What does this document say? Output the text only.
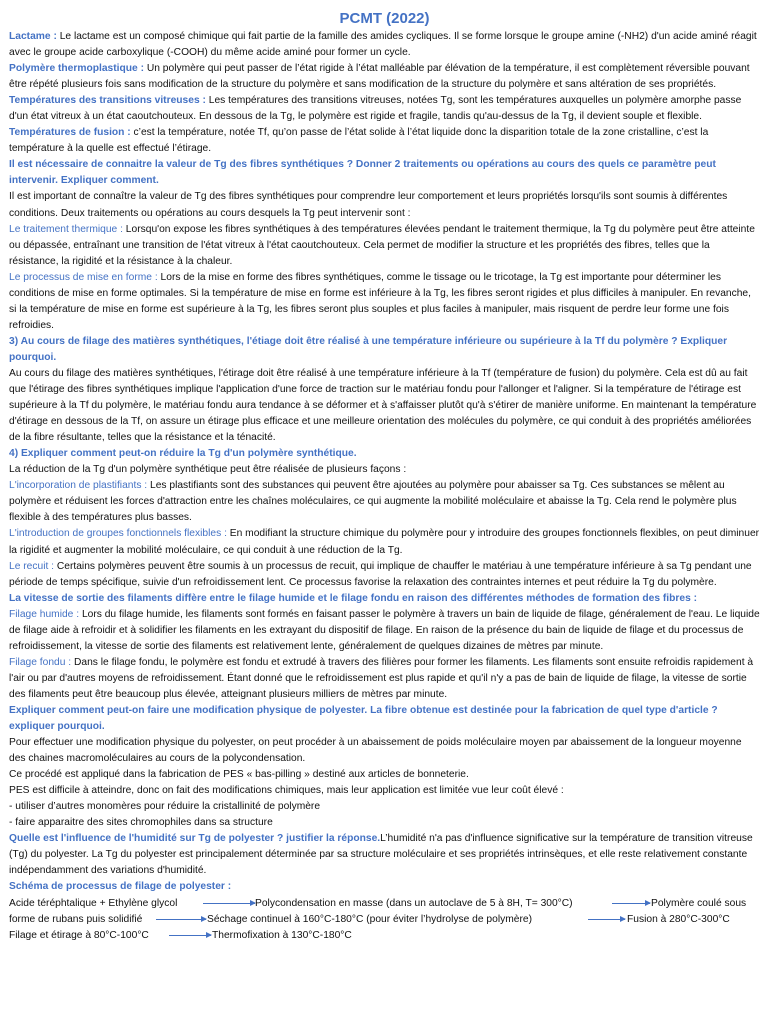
PCMT (2022)

Lactame : Le lactame est un composé chimique qui fait partie de la famille des amides cycliques. Il se forme lorsque le groupe amine (-NH2) d'un acide aminé réagit avec le groupe acide carboxylique (-COOH) du même acide aminé pour former un cycle.

Polymère thermoplastique : Un polymère qui peut passer de l’état rigide à l’état malléable par élévation de la température, il est complètement réversible pouvant être répété plusieurs fois sans modification de la structure du polymère et sans modification de la structure du polymère et sans altération de ses propriétés.

Températures des transitions vitreuses : Les températures des transitions vitreuses, notées Tg, sont les températures auxquelles un polymère amorphe passe d'un état vitreux à un état caoutchouteux. En dessous de la Tg, le polymère est rigide et fragile, tandis qu'au-dessus de la Tg, il devient souple et flexible.

Températures de fusion : c’est la température, notée Tf, qu’on passe de l’état solide à l’état liquide donc la disparition totale de la zone cristalline, c’est la température à la quelle est effectué l’étirage.

Il est nécessaire de connaitre la valeur de Tg des fibres synthétiques ? Donner 2 traitements ou opérations au cours des quels ce paramètre peut intervenir. Expliquer comment.

Il est important de connaître la valeur de Tg des fibres synthétiques pour comprendre leur comportement et leurs propriétés lorsqu'ils sont soumis à différentes conditions. Deux traitements ou opérations au cours desquels la Tg peut intervenir sont :

Le traitement thermique : Lorsqu'on expose les fibres synthétiques à des températures élevées pendant le traitement thermique, la Tg du polymère peut être atteinte ou dépassée, entraînant une transition de l'état vitreux à l'état caoutchouteux. Cela permet de modifier la structure et les propriétés des fibres, telles que la résistance, la rigidité et la résistance à la chaleur.

Le processus de mise en forme : Lors de la mise en forme des fibres synthétiques, comme le tissage ou le tricotage, la Tg est importante pour déterminer les conditions de mise en forme optimales. Si la température de mise en forme est inférieure à la Tg, les fibres seront rigides et plus difficiles à manipuler. En revanche, si la température de mise en forme est supérieure à la Tg, les fibres seront plus souples et plus faciles à manipuler, mais risquent de perdre leur forme une fois refroidies.

3) Au cours de filage des matières synthétiques, l'étiage doit être réalisé à une température inférieure ou supérieure à la Tf du polymère ? Expliquer pourquoi.

Au cours du filage des matières synthétiques, l'étirage doit être réalisé à une température inférieure à la Tf (température de fusion) du polymère. Cela est dû au fait que l'étirage des fibres synthétiques implique l'application d'une force de traction sur le matériau fondu pour l'allonger et l'aligner. Si la température de l'étirage est supérieure à la Tf du polymère, le matériau fondu aura tendance à se déformer et à s'affaisser plutôt qu'à s'étirer de manière uniforme. En maintenant la température d'étirage en dessous de la Tf, on assure un étirage plus efficace et une meilleure orientation des molécules du polymère, ce qui conduit à des propriétés améliorées de la fibre résultante, telles que la résistance et la ténacité.

4) Expliquer comment peut-on réduire la Tg d'un polymère synthétique.

La réduction de la Tg d'un polymère synthétique peut être réalisée de plusieurs façons :

L'incorporation de plastifiants : Les plastifiants sont des substances qui peuvent être ajoutées au polymère pour abaisser sa Tg. Ces substances se mêlent au polymère et réduisent les forces d'attraction entre les chaînes moléculaires, ce qui augmente la mobilité moléculaire et abaisse la Tg. Cela rend le polymère plus flexible à des températures plus basses.

L'introduction de groupes fonctionnels flexibles : En modifiant la structure chimique du polymère pour y introduire des groupes fonctionnels flexibles, on peut diminuer la rigidité et augmenter la mobilité moléculaire, ce qui conduit à une réduction de la Tg.

Le recuit : Certains polymères peuvent être soumis à un processus de recuit, qui implique de chauffer le matériau à une température inférieure à sa Tg pendant une période de temps spécifique, suivie d'un refroidissement lent. Ce processus favorise la relaxation des contraintes internes et peut réduire la Tg du polymère.

La vitesse de sortie des filaments diffère entre le filage humide et le filage fondu en raison des différentes méthodes de formation des fibres :

Filage humide : Lors du filage humide, les filaments sont formés en faisant passer le polymère à travers un bain de liquide de filage, généralement de l'eau. Le liquide de filage aide à refroidir et à solidifier les filaments en les extrayant du dispositif de filage. En raison de la présence du bain de liquide de filage et du processus de refroidissement, la vitesse de sortie des filaments est relativement lente, généralement de quelques dizaines de mètres par minute.

Filage fondu : Dans le filage fondu, le polymère est fondu et extrudé à travers des filières pour former les filaments. Les filaments sont ensuite refroidis rapidement à l'air ou par d'autres moyens de refroidissement. Étant donné que le refroidissement est plus rapide et qu'il n'y a pas de bain de liquide de filage, la vitesse de sortie des filaments peut être beaucoup plus élevée, atteignant plusieurs milliers de mètres par minute.

Expliquer comment peut-on faire une modification physique de polyester. La fibre obtenue est destinée pour la fabrication de quel type d'article ? expliquer pourquoi.

Pour effectuer une modification physique du polyester, on peut procéder à un abaissement de poids moléculaire moyen par abaissement de la longueur moyenne des chaines macromoléculaires au cours de la polycondensation.

Ce procédé est appliqué dans la fabrication de PES « bas-pilling » destiné aux articles de bonneterie.

PES est difficile à atteindre, donc on fait des modifications chimiques, mais leur application est limitée vue leur coût élevé :

- utiliser d’autres monomères pour réduire la cristallinité de polymère

- faire apparaitre des sites chromophiles dans sa structure

Quelle est l'influence de l'humidité sur Tg de polyester ? justifier la réponse.L’humidité n'a pas d'influence significative sur la température de transition vitreuse (Tg) du polyester. La Tg du polyester est principalement déterminée par sa structure moléculaire et ses propriétés intrinsèques, et elle reste relativement constante indépendamment des variations d'humidité.

Schéma de processus de filage de polyester :

Acide téréphtalique + Ethylène glycol	Polycondensation en masse (dans un autoclave de 5 à 8H, T= 300°C)	Polymère coulé sous
forme de rubans puis solidifié	Séchage continuel à 160°C-180°C (pour éviter l’hydrolyse de polymère)	Fusion à 280°C-300°C
Filage et étirage à 80°C-100°C	Thermofixation à 130°C-180°C
